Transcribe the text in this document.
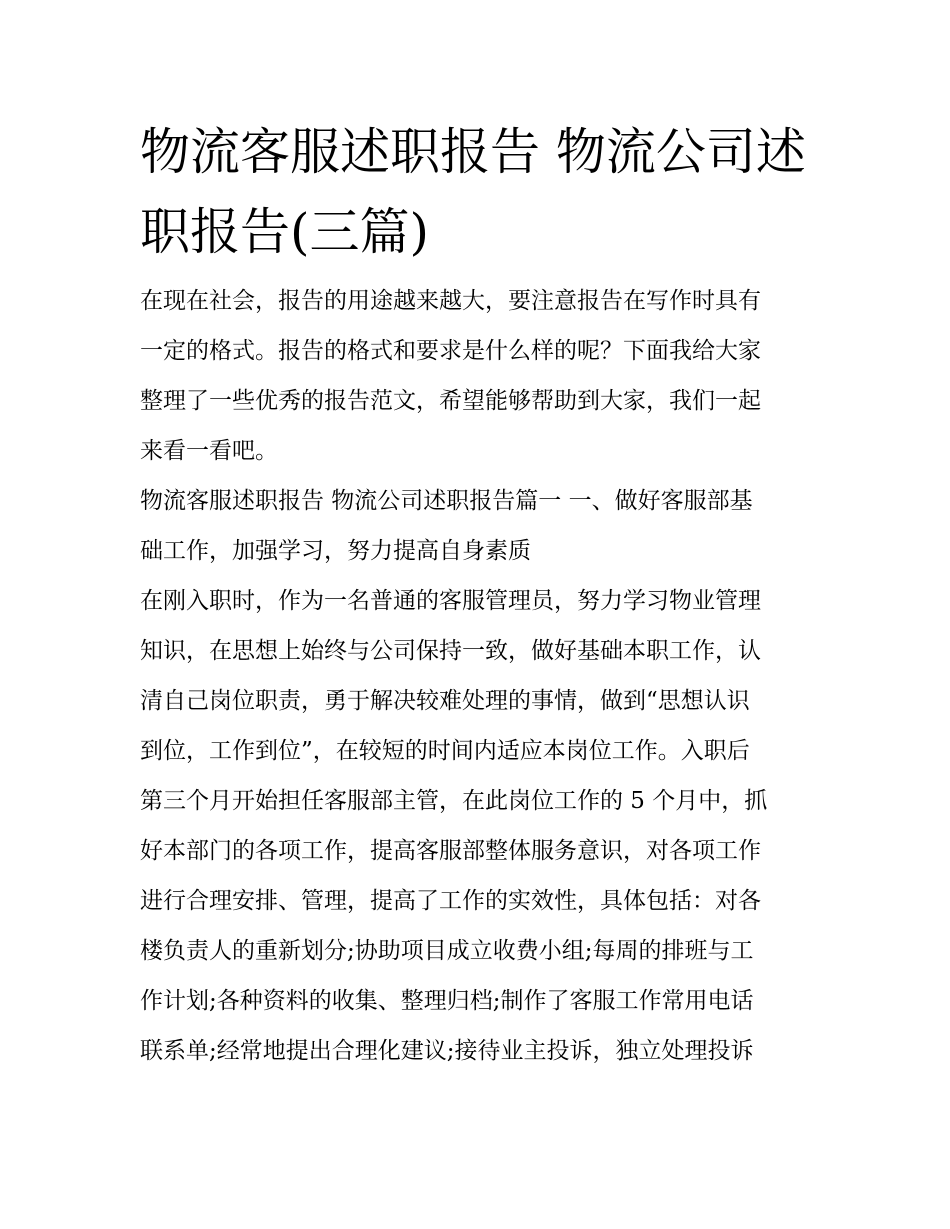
物流客服述职报告 物流公司述
职报告(三篇)

在现在社会，报告的用途越来越大，要注意报告在写作时具有
一定的格式。报告的格式和要求是什么样的呢？下面我给大家
整理了一些优秀的报告范文，希望能够帮助到大家，我们一起
来看一看吧。

物流客服述职报告 物流公司述职报告篇一 一、做好客服部基
础工作，加强学习，努力提高自身素质

在刚入职时，作为一名普通的客服管理员，努力学习物业管理
知识，在思想上始终与公司保持一致，做好基础本职工作，认
清自己岗位职责，勇于解决较难处理的事情，做到“思想认识
到位，工作到位”，在较短的时间内适应本岗位工作。入职后
第三个月开始担任客服部主管，在此岗位工作的 5 个月中，抓
好本部门的各项工作，提高客服部整体服务意识，对各项工作
进行合理安排、管理，提高了工作的实效性，具体包括：对各
楼负责人的重新划分;协助项目成立收费小组;每周的排班与工
作计划;各种资料的收集、整理归档;制作了客服工作常用电话
联系单;经常地提出合理化建议;接待业主投诉，独立处理投诉
